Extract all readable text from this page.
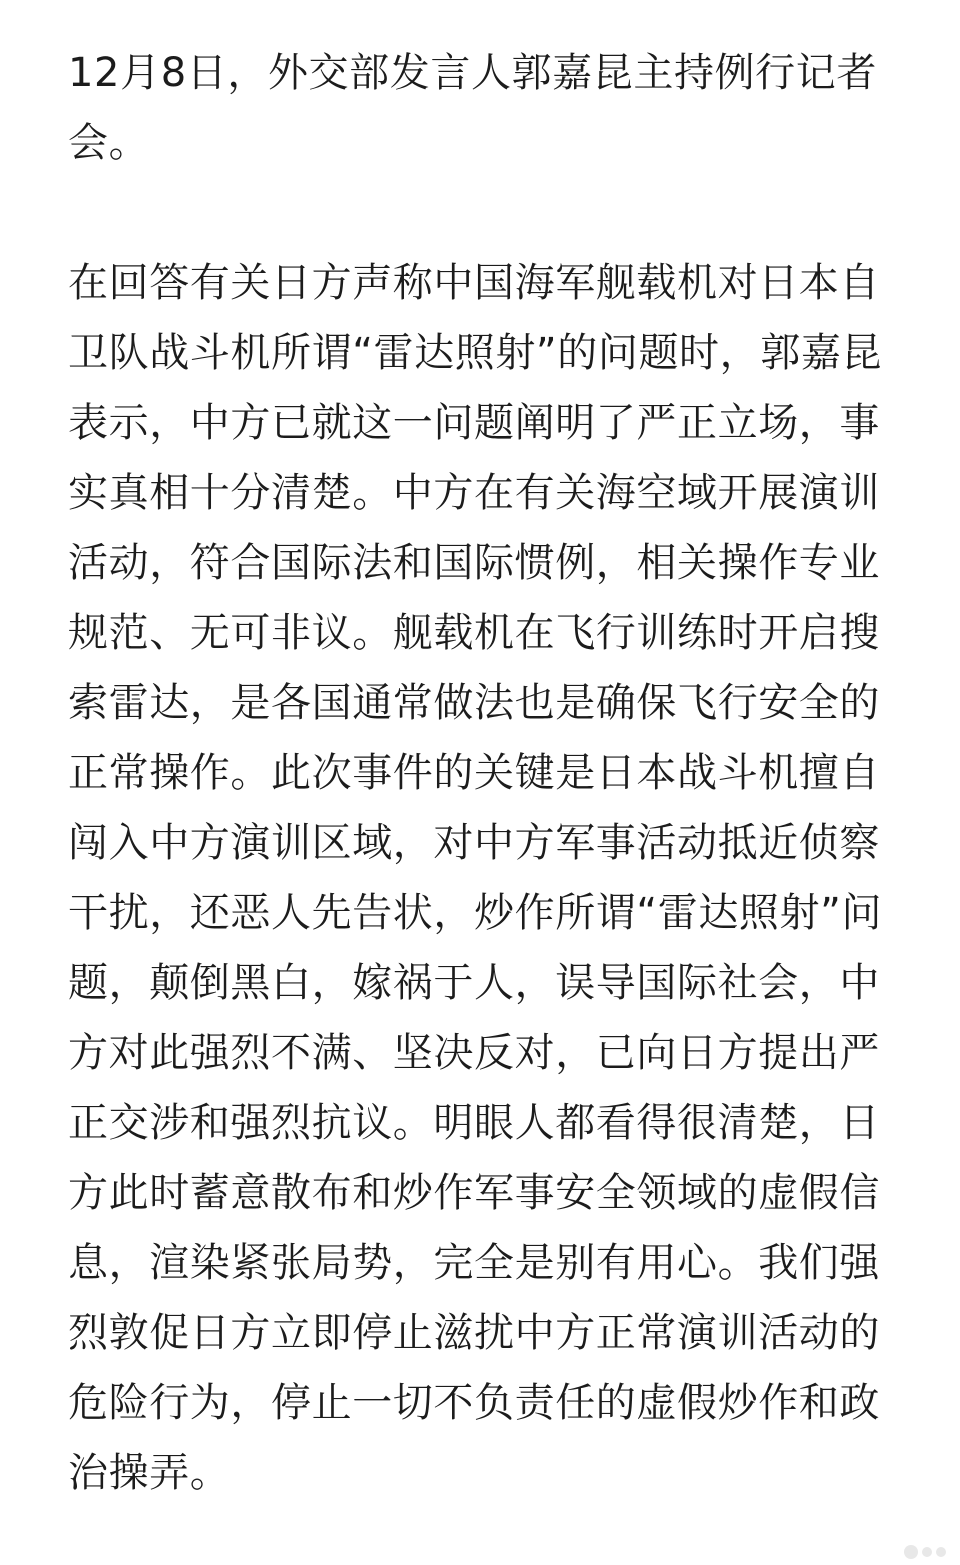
12月8日，外交部发言人郭嘉昆主持例行记者会。

在回答有关日方声称中国海军舰载机对日本自卫队战斗机所谓“雷达照射”的问题时，郭嘉昆表示，中方已就这一问题阐明了严正立场，事实真相十分清楚。中方在有关海空域开展演训活动，符合国际法和国际惯例，相关操作专业规范、无可非议。舰载机在飞行训练时开启搜索雷达，是各国通常做法也是确保飞行安全的正常操作。此次事件的关键是日本战斗机擅自闯入中方演训区域，对中方军事活动抵近侦察干扰，还恶人先告状，炒作所谓“雷达照射”问题，颠倒黑白，嫁祸于人，误导国际社会，中方对此强烈不满、坚决反对，已向日方提出严正交涉和强烈抗议。明眼人都看得很清楚，日方此时蓄意散布和炒作军事安全领域的虚假信息，渲染紧张局势，完全是别有用心。我们强烈敦促日方立即停止滋扰中方正常演训活动的危险行为，停止一切不负责任的虚假炒作和政治操弄。
